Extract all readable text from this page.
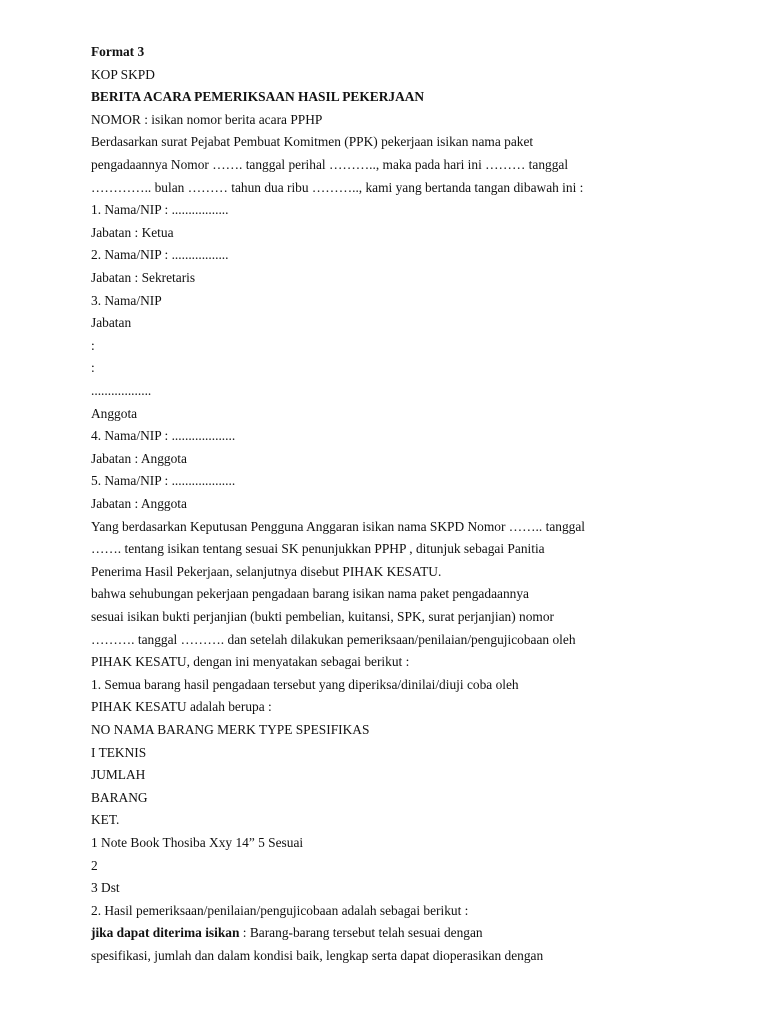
Format 3
KOP SKPD
BERITA ACARA PEMERIKSAAN HASIL PEKERJAAN
NOMOR : isikan nomor berita acara PPHP
Berdasarkan surat Pejabat Pembuat Komitmen (PPK) pekerjaan isikan nama paket
pengadaannya Nomor ……. tanggal perihal ……….., maka pada hari ini ……… tanggal
………….. bulan ……… tahun dua ribu ……….., kami yang bertanda tangan dibawah ini :
1. Nama/NIP : .................
Jabatan : Ketua
2. Nama/NIP : .................
Jabatan : Sekretaris
3. Nama/NIP
Jabatan
:
:
..................
Anggota
4. Nama/NIP : ...................
Jabatan : Anggota
5. Nama/NIP : ...................
Jabatan : Anggota
Yang berdasarkan Keputusan Pengguna Anggaran isikan nama SKPD Nomor …….. tanggal
……. tentang isikan tentang sesuai SK penunjukkan PPHP , ditunjuk sebagai Panitia
Penerima Hasil Pekerjaan, selanjutnya disebut PIHAK KESATU.
bahwa sehubungan pekerjaan pengadaan barang isikan nama paket pengadaannya
sesuai isikan bukti perjanjian (bukti pembelian, kuitansi, SPK, surat perjanjian) nomor
………. tanggal ………. dan setelah dilakukan pemeriksaan/penilaian/pengujicobaan oleh
PIHAK KESATU, dengan ini menyatakan sebagai berikut :
1. Semua barang hasil pengadaan tersebut yang diperiksa/dinilai/diuji coba oleh
PIHAK KESATU adalah berupa :
NO NAMA BARANG MERK TYPE SPESIFIKAS
I TEKNIS
JUMLAH
BARANG
KET.
1 Note Book Thosiba Xxy 14” 5 Sesuai
2
3 Dst
2. Hasil pemeriksaan/penilaian/pengujicobaan adalah sebagai berikut :
jika dapat diterima isikan : Barang-barang tersebut telah sesuai dengan
spesifikasi, jumlah dan dalam kondisi baik, lengkap serta dapat dioperasikan dengan
